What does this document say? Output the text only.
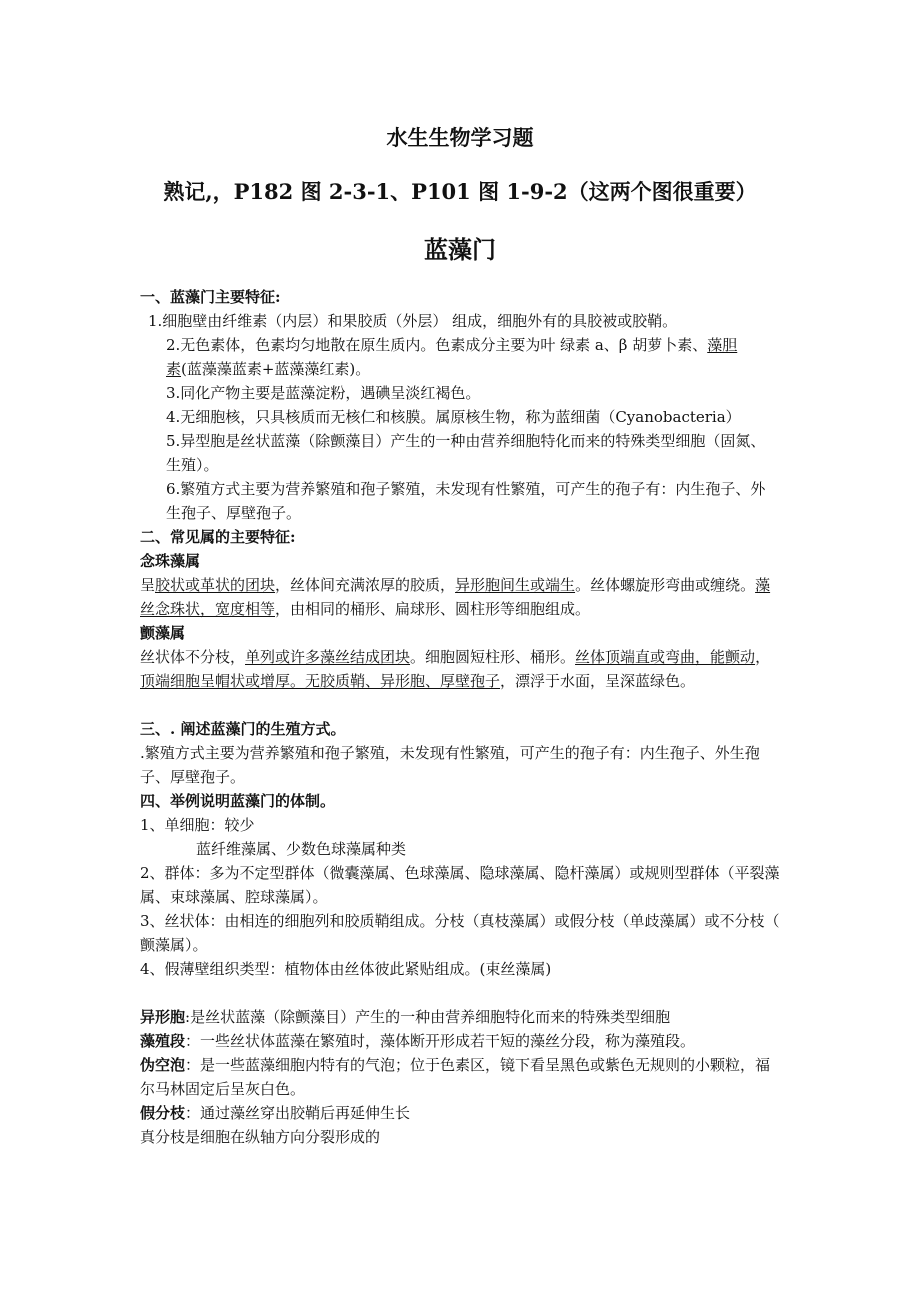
水生生物学习题
熟记,，P182 图 2-3-1、P101 图 1-9-2（这两个图很重要）
蓝藻门

一、蓝藻门主要特征:

1.细胞壁由纤维素（内层）和果胶质（外层） 组成，细胞外有的具胶被或胶鞘。

2.无色素体，色素均匀地散在原生质内。色素成分主要为叶 绿素 a、β 胡萝卜素、藻胆

素(蓝藻藻蓝素+蓝藻藻红素)。

3.同化产物主要是蓝藻淀粉，遇碘呈淡红褐色。

4.无细胞核，只具核质而无核仁和核膜。属原核生物，称为蓝细菌（Cyanobacteria）

5.异型胞是丝状蓝藻（除颤藻目）产生的一种由营养细胞特化而来的特殊类型细胞（固氮、生殖）。

6.繁殖方式主要为营养繁殖和孢子繁殖，未发现有性繁殖，可产生的孢子有：内生孢子、外生孢子、厚壁孢子。

二、常见属的主要特征:

念珠藻属

呈胶状或革状的团块，丝体间充满浓厚的胶质，异形胞间生或端生。丝体螺旋形弯曲或缠绕。藻丝念珠状，宽度相等，由相同的桶形、扁球形、圆柱形等细胞组成。

颤藻属

丝状体不分枝，单列或许多藻丝结成团块。细胞圆短柱形、桶形。丝体顶端直或弯曲，能颤动，顶端细胞呈帽状或增厚。无胶质鞘、异形胞、厚壁孢子，漂浮于水面，呈深蓝绿色。

三、. 阐述蓝藻门的生殖方式。

.繁殖方式主要为营养繁殖和孢子繁殖，未发现有性繁殖，可产生的孢子有：内生孢子、外生孢子、厚壁孢子。

四、举例说明蓝藻门的体制。

1、单细胞：较少

蓝纤维藻属、少数色球藻属种类

2、群体：多为不定型群体（微囊藻属、色球藻属、隐球藻属、隐杆藻属）或规则型群体（平裂藻属、束球藻属、腔球藻属）。

3、丝状体：由相连的细胞列和胶质鞘组成。分枝（真枝藻属）或假分枝（单歧藻属）或不分枝（ 颤藻属）。

4、假薄壁组织类型：植物体由丝体彼此紧贴组成。(束丝藻属)

异形胞:是丝状蓝藻（除颤藻目）产生的一种由营养细胞特化而来的特殊类型细胞

藻殖段：一些丝状体蓝藻在繁殖时，藻体断开形成若干短的藻丝分段，称为藻殖段。

伪空泡：是一些蓝藻细胞内特有的气泡；位于色素区，镜下看呈黑色或紫色无规则的小颗粒，福尔马林固定后呈灰白色。

假分枝：通过藻丝穿出胶鞘后再延伸生长

真分枝是细胞在纵轴方向分裂形成的
